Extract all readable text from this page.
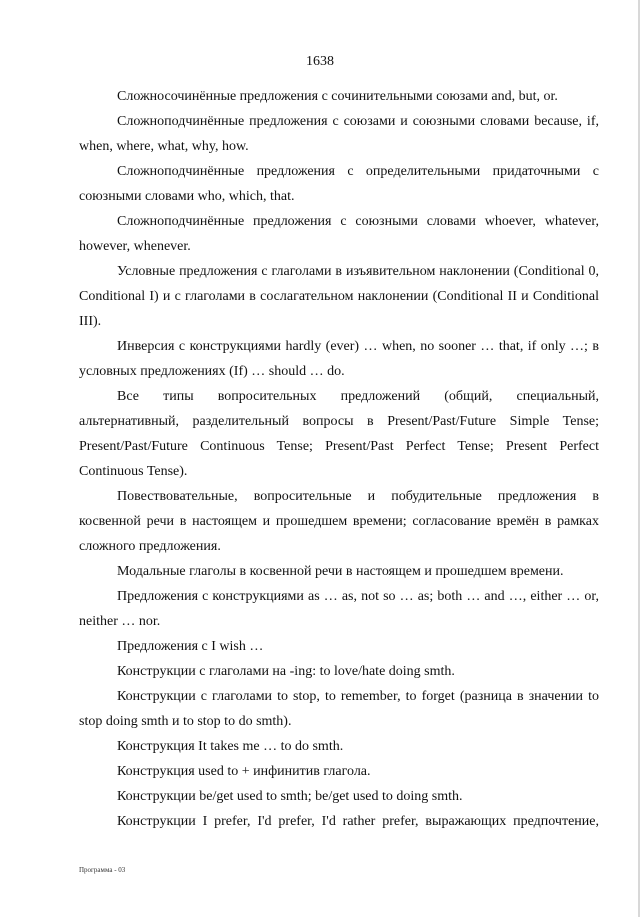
1638

Сложносочинённые предложения с сочинительными союзами and, but, or.

Сложноподчинённые предложения с союзами и союзными словами because, if, when, where, what, why, how.

Сложноподчинённые предложения с определительными придаточными с союзными словами who, which, that.

Сложноподчинённые предложения с союзными словами whoever, whatever, however, whenever.

Условные предложения с глаголами в изъявительном наклонении (Conditional 0, Conditional I) и с глаголами в сослагательном наклонении (Conditional II и Conditional III).

Инверсия с конструкциями hardly (ever) … when, no sooner … that, if only …; в условных предложениях (If) … should … do.

Все типы вопросительных предложений (общий, специальный, альтернативный, разделительный вопросы в Present/Past/Future Simple Tense; Present/Past/Future Continuous Tense; Present/Past Perfect Tense; Present Perfect Continuous Tense).

Повествовательные, вопросительные и побудительные предложения в косвенной речи в настоящем и прошедшем времени; согласование времён в рамках сложного предложения.

Модальные глаголы в косвенной речи в настоящем и прошедшем времени.

Предложения с конструкциями as … as, not so … as; both … and …, either … or, neither … nor.

Предложения с I wish …

Конструкции с глаголами на -ing: to love/hate doing smth.

Конструкции с глаголами to stop, to remember, to forget (разница в значении to stop doing smth и to stop to do smth).

Конструкция It takes me … to do smth.

Конструкция used to + инфинитив глагола.

Конструкции be/get used to smth; be/get used to doing smth.

Конструкции I prefer, I'd prefer, I'd rather prefer, выражающих предпочтение,

Программа - 03
